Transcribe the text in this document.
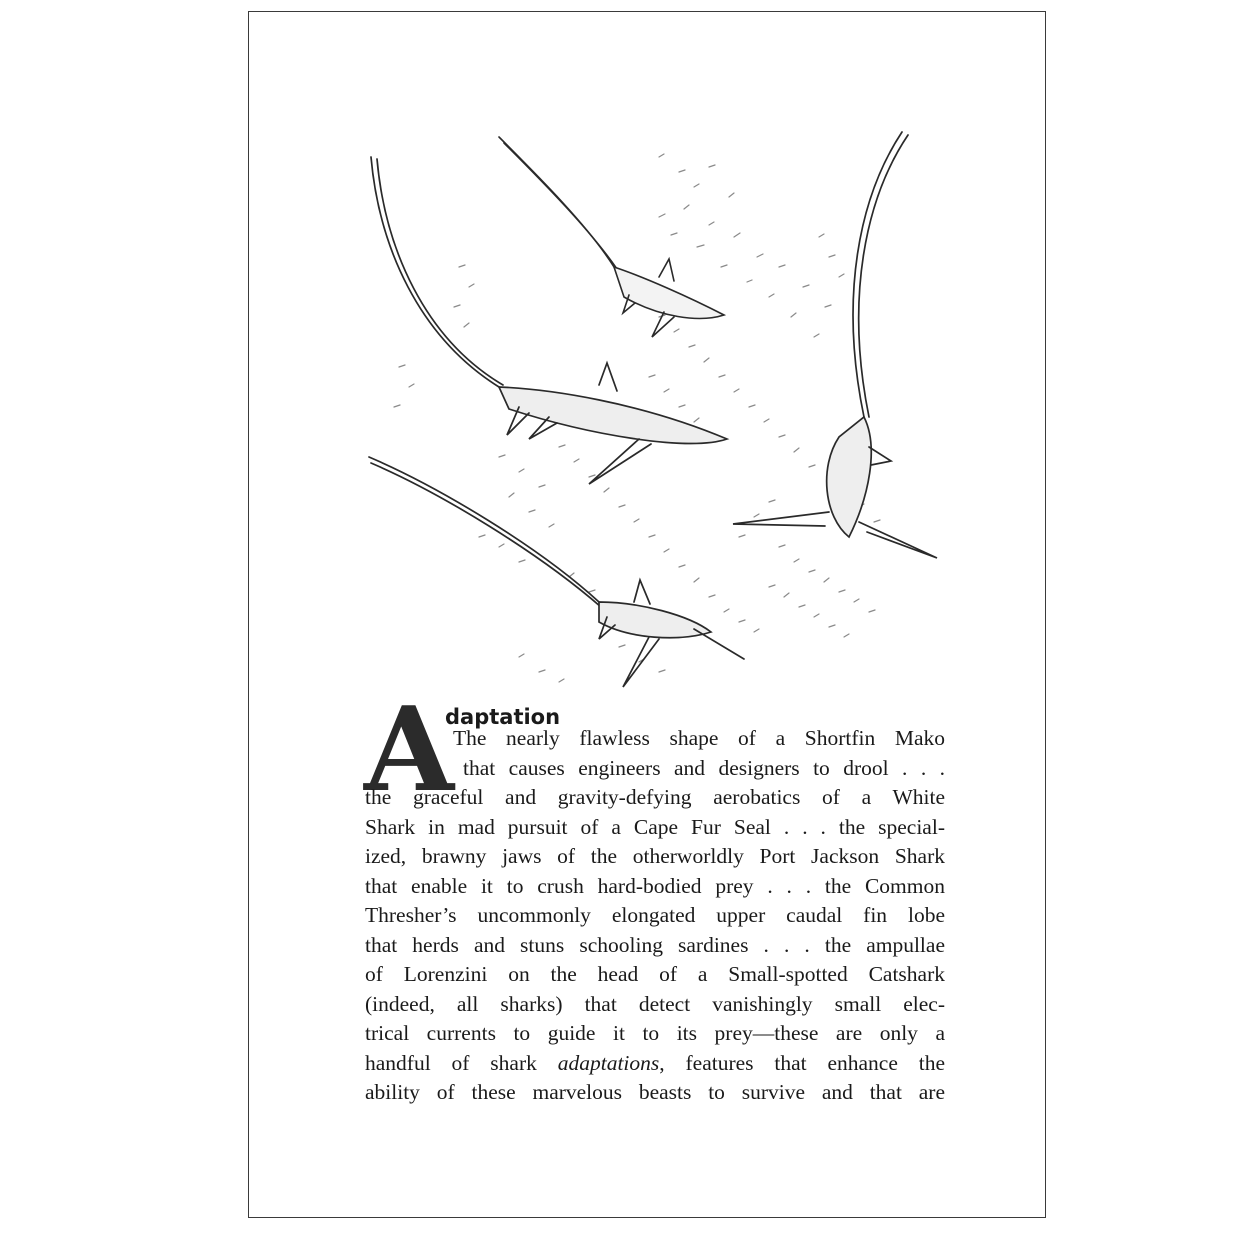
A
daptation
The nearly flawless shape of a Shortfin Mako
that causes engineers and designers to drool . . .
the graceful and gravity-defying aerobatics of a White
Shark in mad pursuit of a Cape Fur Seal . . . the special-
ized, brawny jaws of the otherworldly Port Jackson Shark
that enable it to crush hard-bodied prey . . . the Common
Thresher’s uncommonly elongated upper caudal fin lobe
that herds and stuns schooling sardines . . . the ampullae
of Lorenzini on the head of a Small-spotted Catshark
(indeed, all sharks) that detect vanishingly small elec-
trical currents to guide it to its prey—these are only a
handful of shark adaptations, features that enhance the
ability of these marvelous beasts to survive and that are
